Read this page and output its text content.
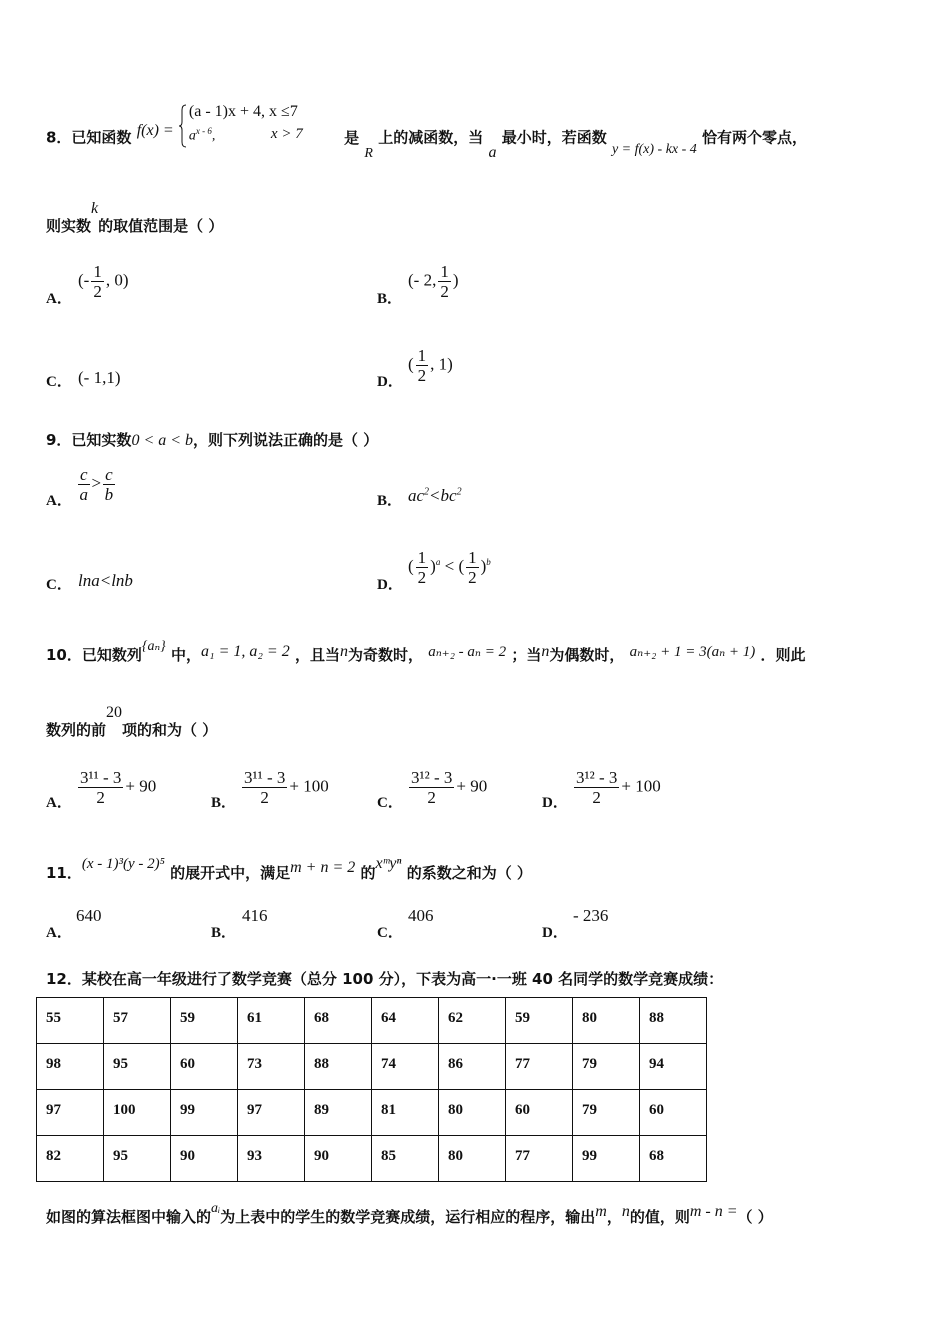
8．已知函数 f(x) =
(a - 1)x + 4, x ≤7
$a^{x - 6}$,	x > 7	是 R 上的减函数，当 a 最小时，若函数 y = f(x) - kx - 4 恰有两个零点，
则实数k的取值范围是（ ）
A．
(- $\frac{1}{2}$ , 0)
B．
(- 2, $\frac{1}{2}$ )
C． (- 1,1)	D．
( $\frac{1}{2}$ , 1)
9．已知实数0 < a < b，则下列说法正确的是（ ）
A． $\frac{c}{a} > \frac{c}{b}$	B． $ac^2<bc^2$
C． lna<lnb	D．
( $\frac{1}{2} )^a$ < ( $\frac{1}{2} )^b$
10．已知数列{aₙ} 中，a₁ = 1, a₂ = 2 ，且当n为奇数时， aₙ₊₂ - aₙ = 2 ；当n为偶数时， aₙ₊₂ + 1 = 3(aₙ + 1) ．则此
数列的前20项的和为（ ）
A． $\frac{\text{3¹¹ - 3}}{2} + 90$
B． $\frac{\text{3¹¹ - 3}}{2} + 100$
C． $\frac{\text{3¹² - 3}}{2} + 90$
D． $\frac{\text{3¹² - 3}}{2} + 100$
11．(x - 1)³(y - 2)⁵ 的展开式中，满足m + n = 2 的xᵐyⁿ 的系数之和为（ ）
A．
640
B．
416
C．
406
D．
- 236
12．某校在高一年级进行了数学竞赛（总分 100 分），下表为高一·一班 40 名同学的数学竞赛成绩：
55	57	59	61	68	64	62	59	80	88
98	95	60	73	88	74	86	77	79	94
97	100	99	97	89	81	80	60	79	60
82	95	90	93	90	85	80	77	99	68
如图的算法框图中输入的aᵢ为上表中的学生的数学竞赛成绩，运行相应的程序，输出m，n的值，则m - n =（ ）
